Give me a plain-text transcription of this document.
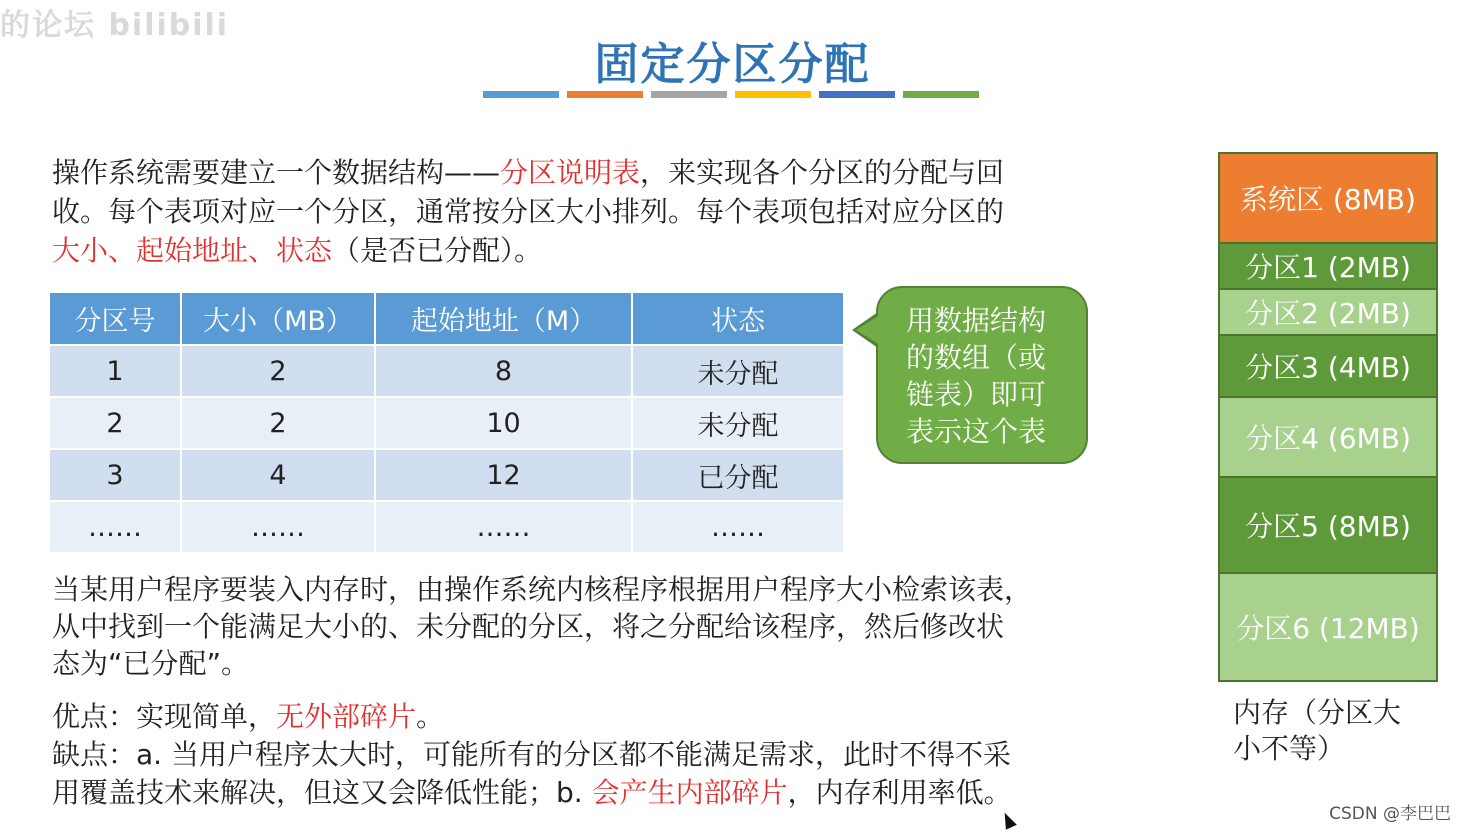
的论坛 bilibili
固定分区分配
操作系统需要建立一个数据结构——分区说明表，来实现各个分区的分配与回
收。每个表项对应一个分区，通常按分区大小排列。每个表项包括对应分区的
大小、起始地址、状态（是否已分配）。
分区号	大小（MB）	起始地址（M）	状态
1	2	8	未分配
2	2	10	未分配
3	4	12	已分配
……	……	……	……
用数据结构
的数组（或
链表）即可
表示这个表
当某用户程序要装入内存时，由操作系统内核程序根据用户程序大小检索该表，
从中找到一个能满足大小的、未分配的分区，将之分配给该程序，然后修改状
态为“已分配”。
优点：实现简单，无外部碎片。
缺点：a. 当用户程序太大时，可能所有的分区都不能满足需求，此时不得不采
用覆盖技术来解决，但这又会降低性能；b. 会产生内部碎片，内存利用率低。
系统区 (8MB)
分区1 (2MB)
分区2 (2MB)
分区3 (4MB)
分区4 (6MB)
分区5 (8MB)
分区6 (12MB)
内存（分区大
小不等）
CSDN @李巴巴
